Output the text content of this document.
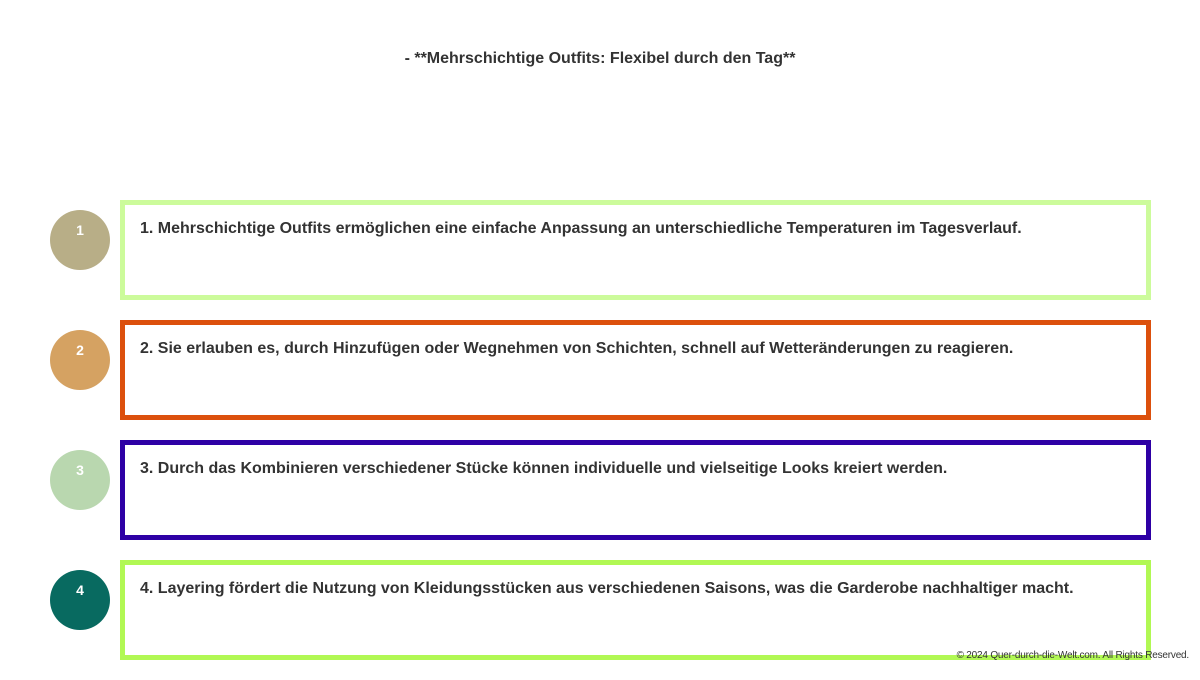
- **Mehrschichtige Outfits: Flexibel durch den Tag**
1	1. Mehrschichtige Outfits ermöglichen eine einfache Anpassung an unterschiedliche Temperaturen im Tagesverlauf.
2	2. Sie erlauben es, durch Hinzufügen oder Wegnehmen von Schichten, schnell auf Wetteränderungen zu reagieren.
3	3. Durch das Kombinieren verschiedener Stücke können individuelle und vielseitige Looks kreiert werden.
4	4. Layering fördert die Nutzung von Kleidungsstücken aus verschiedenen Saisons, was die Garderobe nachhaltiger macht.
© 2024 Quer-durch-die-Welt.com. All Rights Reserved.
